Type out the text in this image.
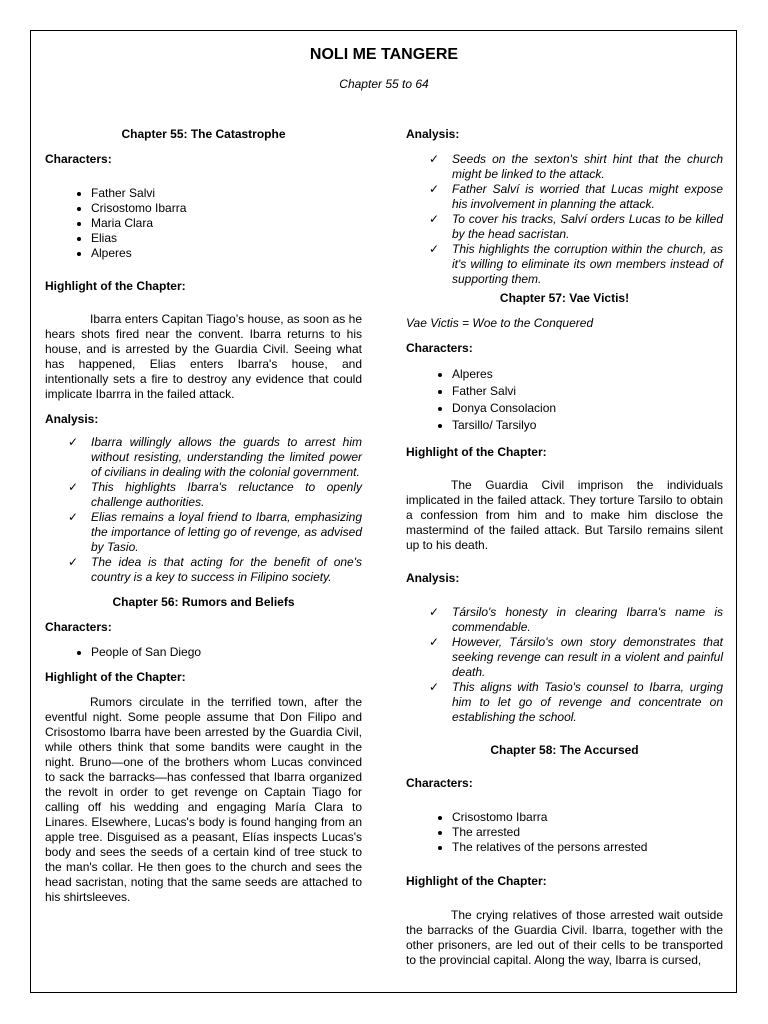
NOLI ME TANGERE
Chapter 55 to 64

Chapter 55: The Catastrophe

Characters:

• Father Salvi
• Crisostomo Ibarra
• Maria Clara
• Elias
• Alperes

Highlight of the Chapter:

Ibarra enters Capitan Tiago’s house, as soon as he hears shots fired near the convent. Ibarra returns to his house, and is arrested by the Guardia Civil. Seeing what has happened, Elias enters Ibarra's house, and intentionally sets a fire to destroy any evidence that could implicate Ibarrra in the failed attack.

Analysis:

✓ Ibarra willingly allows the guards to arrest him without resisting, understanding the limited power of civilians in dealing with the colonial government.
✓ This highlights Ibarra's reluctance to openly challenge authorities.
✓ Elias remains a loyal friend to Ibarra, emphasizing the importance of letting go of revenge, as advised by Tasio.
✓ The idea is that acting for the benefit of one's country is a key to success in Filipino society.

Chapter 56: Rumors and Beliefs

Characters:

• People of San Diego

Highlight of the Chapter:

Rumors circulate in the terrified town, after the eventful night. Some people assume that Don Filipo and Crisostomo Ibarra have been arrested by the Guardia Civil, while others think that some bandits were caught in the night. Bruno—one of the brothers whom Lucas convinced to sack the barracks—has confessed that Ibarra organized the revolt in order to get revenge on Captain Tiago for calling off his wedding and engaging María Clara to Linares. Elsewhere, Lucas's body is found hanging from an apple tree. Disguised as a peasant, Elías inspects Lucas's body and sees the seeds of a certain kind of tree stuck to the man's collar. He then goes to the church and sees the head sacristan, noting that the same seeds are attached to his shirtsleeves.

Analysis:

✓ Seeds on the sexton's shirt hint that the church might be linked to the attack.
✓ Father Salví is worried that Lucas might expose his involvement in planning the attack.
✓ To cover his tracks, Salví orders Lucas to be killed by the head sacristan.
✓ This highlights the corruption within the church, as it's willing to eliminate its own members instead of supporting them.

Chapter 57: Vae Victis!

Vae Victis = Woe to the Conquered

Characters:

• Alperes
• Father Salvi
• Donya Consolacion
• Tarsillo/ Tarsilyo

Highlight of the Chapter:

The Guardia Civil imprison the individuals implicated in the failed attack. They torture Tarsilo to obtain a confession from him and to make him disclose the mastermind of the failed attack. But Tarsilo remains silent up to his death.

Analysis:

✓ Társilo's honesty in clearing Ibarra's name is commendable.
✓ However, Társilo's own story demonstrates that seeking revenge can result in a violent and painful death.
✓ This aligns with Tasio's counsel to Ibarra, urging him to let go of revenge and concentrate on establishing the school.

Chapter 58: The Accursed

Characters:

• Crisostomo Ibarra
• The arrested
• The relatives of the persons arrested

Highlight of the Chapter:

The crying relatives of those arrested wait outside the barracks of the Guardia Civil. Ibarra, together with the other prisoners, are led out of their cells to be transported to the provincial capital. Along the way, Ibarra is cursed,
